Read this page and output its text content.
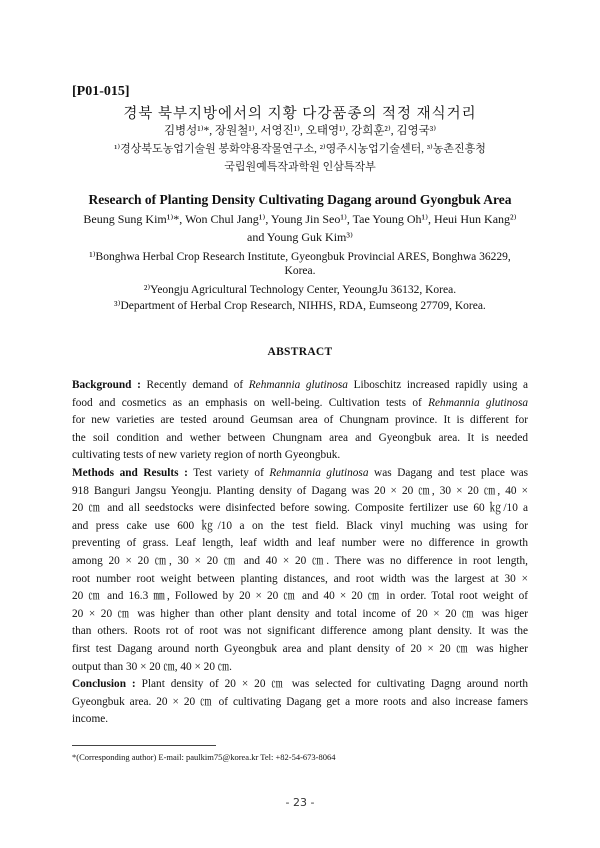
[P01-015]
경북 북부지방에서의 지황 다강품종의 적정 재식거리
김병성¹⁾*, 장원철¹⁾, 서영진¹⁾, 오태영¹⁾, 강희훈²⁾, 김영국³⁾
¹⁾경상북도농업기술원 봉화약용작물연구소, ²⁾영주시농업기술센터, ³⁾농촌진흥청
국립원예특작과학원 인삼특작부
Research of Planting Density Cultivating Dagang around Gyongbuk Area
Beung Sung Kim¹⁾*, Won Chul Jang¹⁾, Young Jin Seo¹⁾, Tae Young Oh¹⁾, Heui Hun Kang²⁾
and Young Guk Kim³⁾
¹⁾Bonghwa Herbal Crop Research Institute, Gyeongbuk Provincial ARES, Bonghwa 36229,
Korea.
²⁾Yeongju Agricultural Technology Center, YeoungJu 36132, Korea.
³⁾Department of Herbal Crop Research, NIHHS, RDA, Eumseong 27709, Korea.
ABSTRACT
Background : Recently demand of Rehmannia glutinosa Liboschitz increased rapidly using a
food and cosmetics as an emphasis on well-being. Cultivation tests of Rehmannia glutinosa
for new varieties are tested around Geumsan area of Chungnam province. It is different for
the soil condition and wether between Chungnam area and Gyeongbuk area. It is needed
cultivating tests of new variety region of north Gyeongbuk.
Methods and Results : Test variety of Rehmannia glutinosa was Dagang and test place was
918 Banguri Jangsu Yeongju. Planting density of Dagang was 20 × 20 ㎝, 30 × 20 ㎝, 40 ×
20 ㎝ and all seedstocks were disinfected before sowing. Composite fertilizer use 60 ㎏/10 a
and press cake use 600 ㎏/10 a on the test field. Black vinyl muching was using for
preventing of grass. Leaf length, leaf width and leaf number were no difference in growth
among 20 × 20 ㎝, 30 × 20 ㎝ and 40 × 20 ㎝. There was no difference in root length,
root number root weight between planting distances, and root width was the largest at 30 ×
20 ㎝ and 16.3 ㎜, Followed by 20 × 20 ㎝ and 40 × 20 ㎝ in order. Total root weight of
20 × 20 ㎝ was higher than other plant density and total income of 20 × 20 ㎝ was higer
than others. Roots rot of root was not significant difference among plant density. It was the
first test Dagang around north Gyeongbuk area and plant density of 20 × 20 ㎝ was higher
output than 30 × 20 ㎝, 40 × 20 ㎝.
Conclusion : Plant density of 20 × 20 ㎝ was selected for cultivating Dagng around north
Gyeongbuk area. 20 × 20 ㎝ of cultivating Dagang get a more roots and also increase famers
income.
*(Corresponding author) E-mail: paulkim75@korea.kr Tel: +82-54-673-8064
- 23 -
